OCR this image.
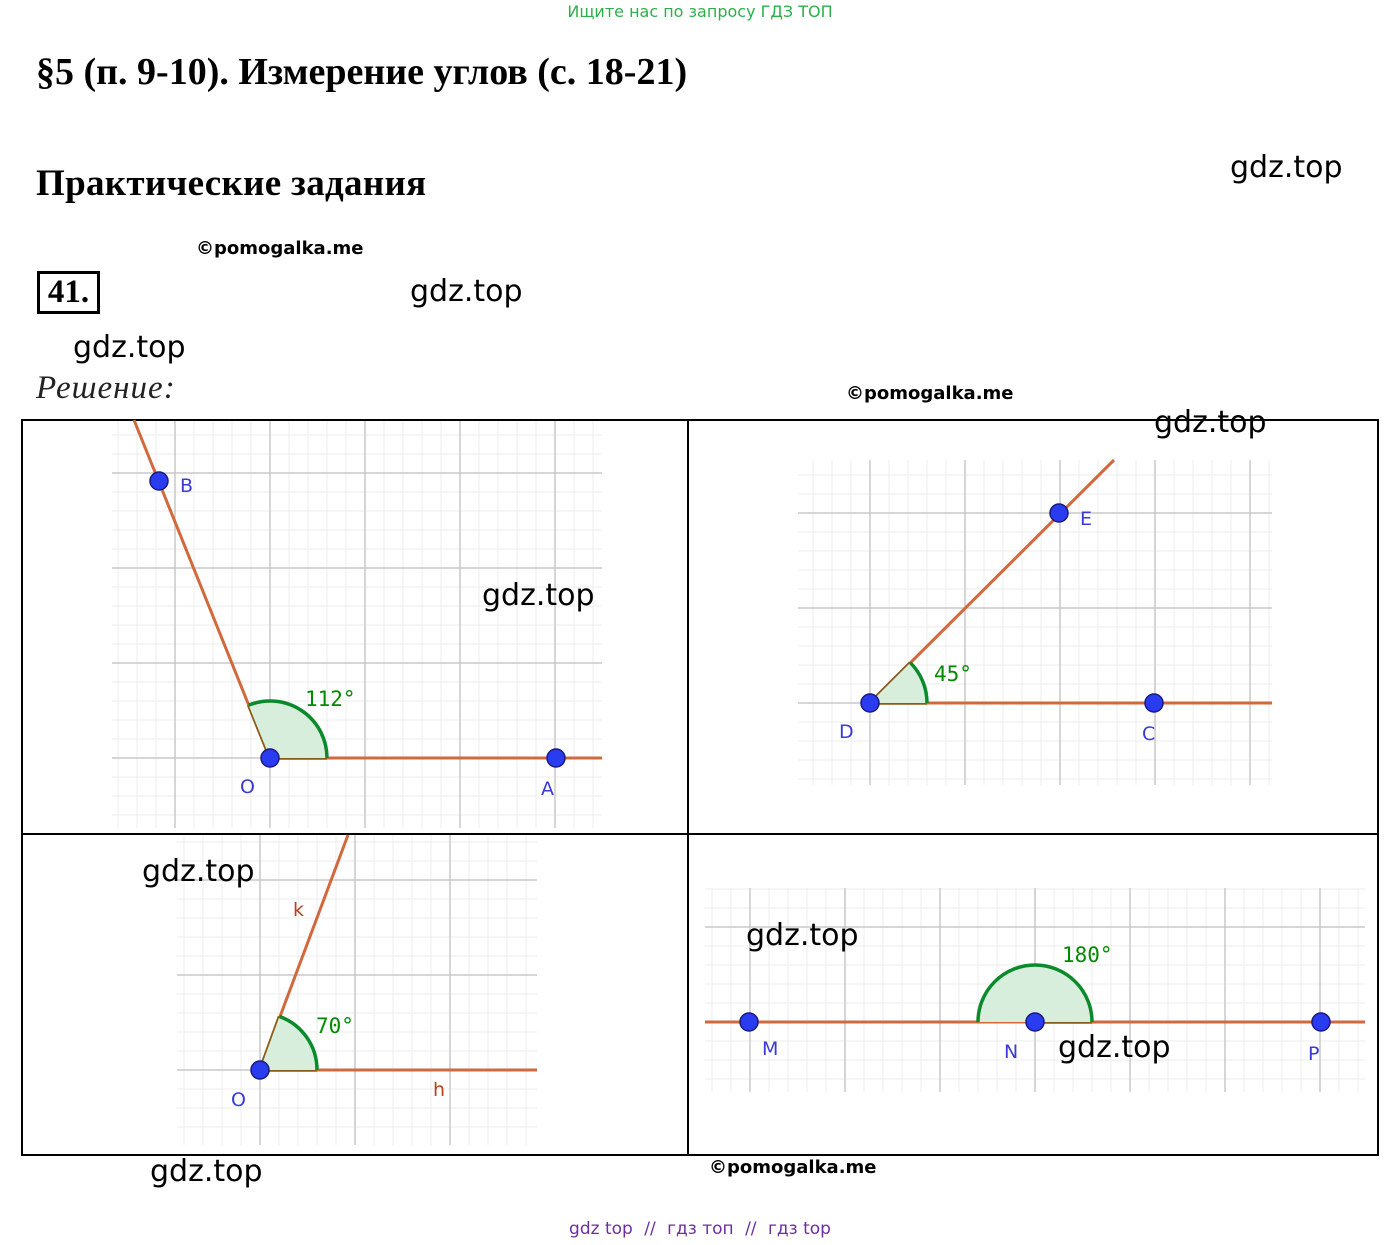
Ищите нас по запросу ГДЗ ТОП
§5 (п. 9-10). Измерение углов (с. 18-21)
Практические задания	gdz.top
©pomogalka.me
41.	gdz.top
gdz.top
Решение:	©pomogalka.me
O	A
B
112°
D	C
E
45°
O	h
k
70°
N	P
M
180°
gdz.top
gdz.top
gdz.top
gdz.top
gdz.top
gdz.top	©pomogalka.me
gdz top // гдз топ // гдз top
